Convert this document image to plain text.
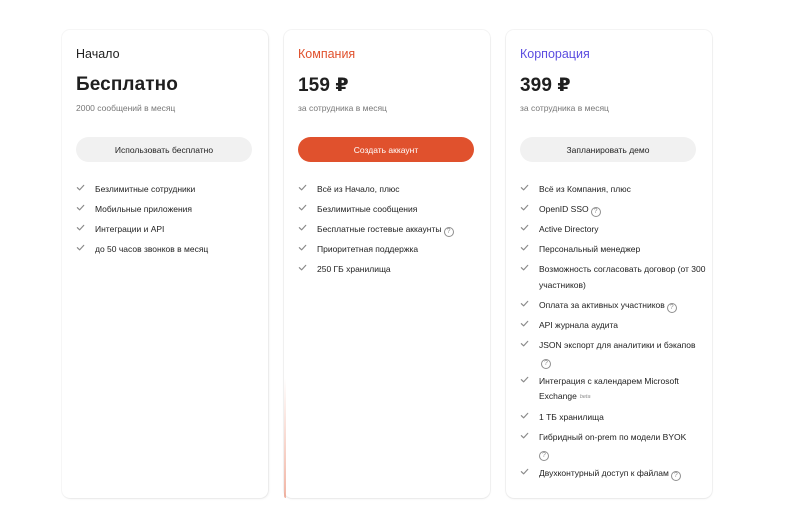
Начало
Бесплатно
2000 сообщений в месяц
Использовать бесплатно
Безлимитные сотрудники
Мобильные приложения
Интеграции и API
до 50 часов звонков в месяц
Компания
159 ₽
за сотрудника в месяц
Создать аккаунт
Всё из Начало, плюс
Безлимитные сообщения
Бесплатные гостевые аккаунты ?
Приоритетная поддержка
250 ГБ хранилища
Корпорация
399 ₽
за сотрудника в месяц
Запланировать демо
Всё из Компания, плюс
OpenID SSO ?
Active Directory
Персональный менеджер
Возможность согласовать договор (от 300 участников)
Оплата за активных участников ?
API журнала аудита
JSON экспорт для аналитики и бэкапов?
Интеграция с календарем Microsoft Exchange beta
1 ТБ хранилища
Гибридный on-prem по модели BYOK
?
Двухконтурный доступ к файлам ?
